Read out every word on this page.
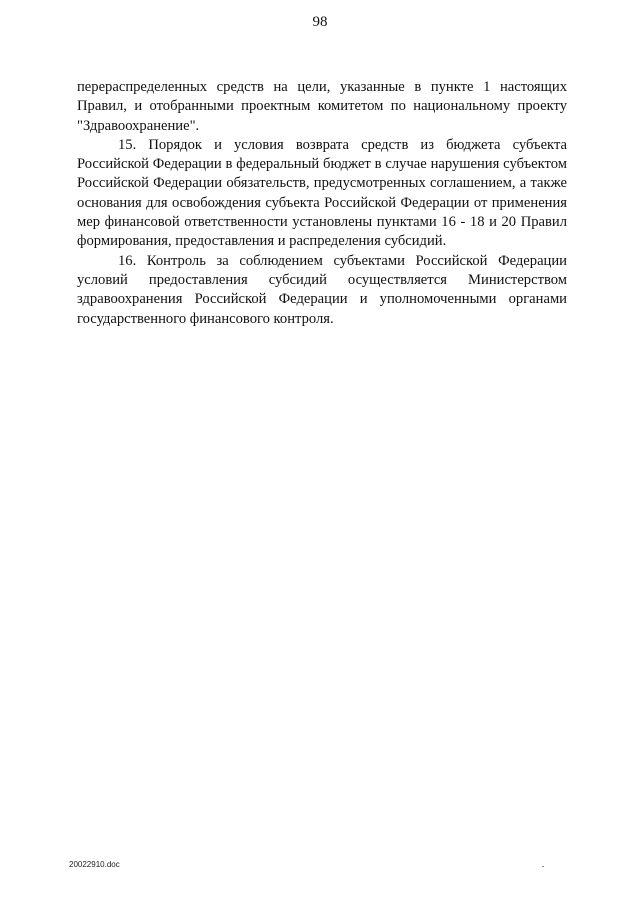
98

перераспределенных средств на цели, указанные в пункте 1 настоящих Правил, и отобранными проектным комитетом по национальному проекту "Здравоохранение".

15. Порядок и условия возврата средств из бюджета субъекта Российской Федерации в федеральный бюджет в случае нарушения субъектом Российской Федерации обязательств, предусмотренных соглашением, а также основания для освобождения субъекта Российской Федерации от применения мер финансовой ответственности установлены пунктами 16 - 18 и 20 Правил формирования, предоставления и распределения субсидий.

16. Контроль за соблюдением субъектами Российской Федерации условий предоставления субсидий осуществляется Министерством здравоохранения Российской Федерации и уполномоченными органами государственного финансового контроля.

20022910.doc
